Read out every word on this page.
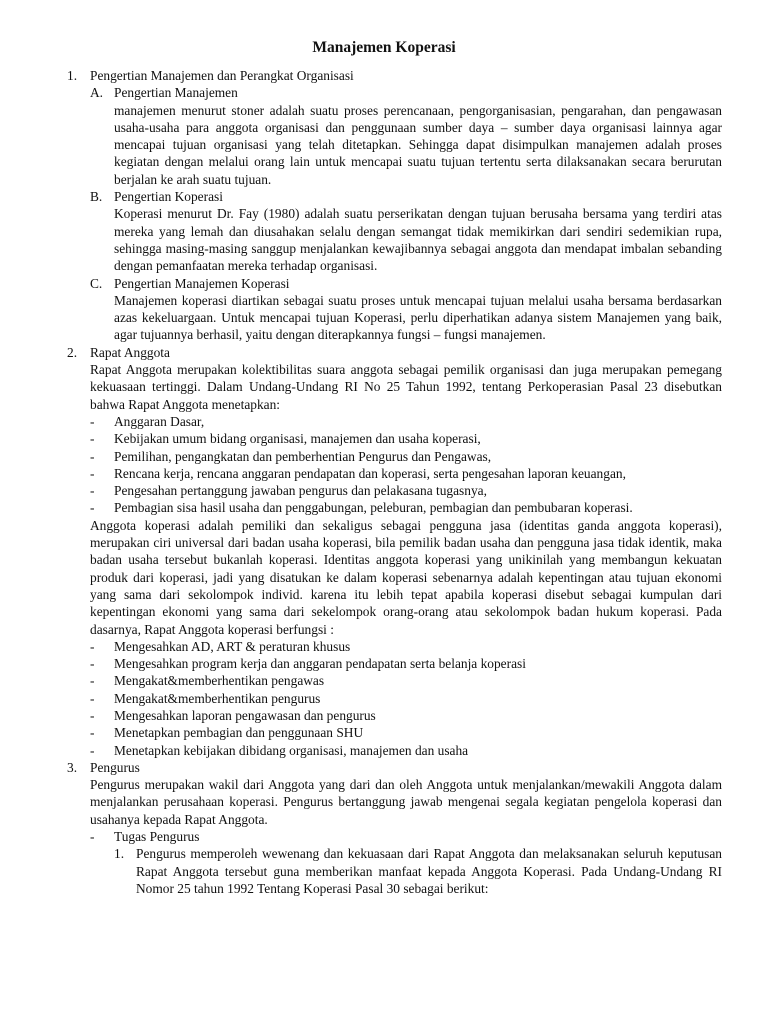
Manajemen Koperasi
1. Pengertian Manajemen dan Perangkat Organisasi

A. Pengertian Manajemen

manajemen menurut stoner adalah suatu proses perencanaan, pengorganisasian, pengarahan, dan pengawasan usaha-usaha para anggota organisasi dan penggunaan sumber daya – sumber daya organisasi lainnya agar mencapai tujuan organisasi yang telah ditetapkan. Sehingga dapat disimpulkan manajemen adalah proses kegiatan dengan melalui orang lain untuk mencapai suatu tujuan tertentu serta dilaksanakan secara berurutan berjalan ke arah suatu tujuan.

B. Pengertian Koperasi

Koperasi menurut Dr. Fay (1980) adalah suatu perserikatan dengan tujuan berusaha bersama yang terdiri atas mereka yang lemah dan diusahakan selalu dengan semangat tidak memikirkan dari sendiri sedemikian rupa, sehingga masing-masing sanggup menjalankan kewajibannya sebagai anggota dan mendapat imbalan sebanding dengan pemanfaatan mereka terhadap organisasi.

C. Pengertian Manajemen Koperasi

Manajemen koperasi diartikan sebagai suatu proses untuk mencapai tujuan melalui usaha bersama berdasarkan azas kekeluargaan. Untuk mencapai tujuan Koperasi, perlu diperhatikan adanya sistem Manajemen yang baik, agar tujuannya berhasil, yaitu dengan diterapkannya fungsi – fungsi manajemen.

2. Rapat Anggota

Rapat Anggota merupakan kolektibilitas suara anggota sebagai pemilik organisasi dan juga merupakan pemegang kekuasaan tertinggi. Dalam Undang-Undang RI No 25 Tahun 1992, tentang Perkoperasian Pasal 23 disebutkan bahwa Rapat Anggota menetapkan:

- Anggaran Dasar,

- Kebijakan umum bidang organisasi, manajemen dan usaha koperasi,

- Pemilihan, pengangkatan dan pemberhentian Pengurus dan Pengawas,

- Rencana kerja, rencana anggaran pendapatan dan koperasi, serta pengesahan laporan keuangan,

- Pengesahan pertanggung jawaban pengurus dan pelakasana tugasnya,

- Pembagian sisa hasil usaha dan penggabungan, peleburan, pembagian dan pembubaran koperasi.

Anggota koperasi adalah pemiliki dan sekaligus sebagai pengguna jasa (identitas ganda anggota koperasi), merupakan ciri universal dari badan usaha koperasi, bila pemilik badan usaha dan pengguna jasa tidak identik, maka badan usaha tersebut bukanlah koperasi. Identitas anggota koperasi yang unikinilah yang membangun kekuatan produk dari koperasi, jadi yang disatukan ke dalam koperasi sebenarnya adalah kepentingan atau tujuan ekonomi yang sama dari sekolompok individ. karena itu lebih tepat apabila koperasi disebut sebagai kumpulan dari kepentingan ekonomi yang sama dari sekelompok orang-orang atau sekolompok badan hukum koperasi. Pada dasarnya, Rapat Anggota koperasi berfungsi :

- Mengesahkan AD, ART & peraturan khusus

- Mengesahkan program kerja dan anggaran pendapatan serta belanja koperasi

- Mengakat&memberhentikan pengawas

- Mengakat&memberhentikan pengurus

- Mengesahkan laporan pengawasan dan pengurus

- Menetapkan pembagian dan penggunaan SHU

- Menetapkan kebijakan dibidang organisasi, manajemen dan usaha

3. Pengurus

Pengurus merupakan wakil dari Anggota yang dari dan oleh Anggota untuk menjalankan/mewakili Anggota dalam menjalankan perusahaan koperasi. Pengurus bertanggung jawab mengenai segala kegiatan pengelola koperasi dan usahanya kepada Rapat Anggota.

- Tugas Pengurus

1. Pengurus memperoleh wewenang dan kekuasaan dari Rapat Anggota dan melaksanakan seluruh keputusan Rapat Anggota tersebut guna memberikan manfaat kepada Anggota Koperasi. Pada Undang-Undang RI Nomor 25 tahun 1992 Tentang Koperasi Pasal 30 sebagai berikut:
